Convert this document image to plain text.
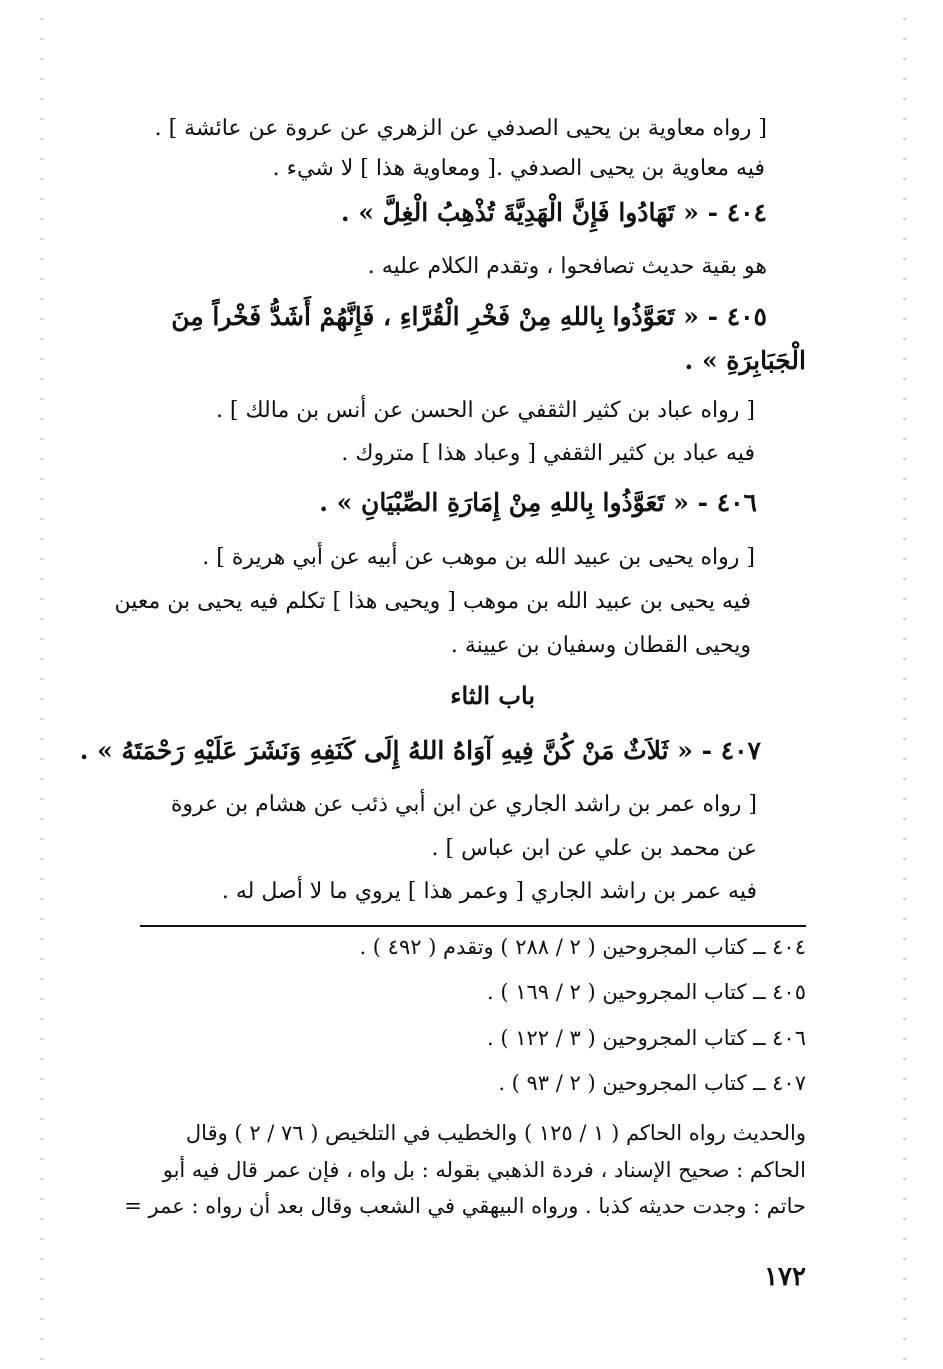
[ رواه معاوية بن يحيى الصدفي عن الزهري عن عروة عن عائشة ] .
فيه معاوية بن يحيى الصدفي .[ ومعاوية هذا ] لا شيء .
٤٠٤ - « تَهَادُوا فَإِنَّ الْهَدِيَّةَ تُذْهِبُ الْغِلَّ » .
هو بقية حديث تصافحوا ، وتقدم الكلام عليه .
٤٠٥ - « تَعَوَّذُوا بِاللهِ مِنْ فَخْرِ الْقُرَّاءِ ، فَإِنَّهُمْ أَشَدُّ فَخْراً مِنَ
الْجَبَابِرَةِ » .
[ رواه عباد بن كثير الثقفي عن الحسن عن أنس بن مالك ] .
فيه عباد بن كثير الثقفي [ وعباد هذا ] متروك .
٤٠٦ - « تَعَوَّذُوا بِاللهِ مِنْ إِمَارَةِ الصِّبْيَانِ » .
[ رواه يحيى بن عبيد الله بن موهب عن أبيه عن أبي هريرة ] .
فيه يحيى بن عبيد الله بن موهب [ ويحيى هذا ] تكلم فيه يحيى بن معين
ويحيى القطان وسفيان بن عيينة .
باب الثاء
٤٠٧ - « ثَلاَثٌ مَنْ كُنَّ فِيهِ آوَاهُ اللهُ إِلَى كَنَفِهِ وَنَشَرَ عَلَيْهِ رَحْمَتَهُ » .
[ رواه عمر بن راشد الجاري عن ابن أبي ذئب عن هشام بن عروة
عن محمد بن علي عن ابن عباس ] .
فيه عمر بن راشد الجاري [ وعمر هذا ] يروي ما لا أصل له .
٤٠٤ ــ كتاب المجروحين ( ٢ / ٢٨٨ ) وتقدم ( ٤٩٢ ) .
٤٠٥ ــ كتاب المجروحين ( ٢ / ١٦٩ ) .
٤٠٦ ــ كتاب المجروحين ( ٣ / ١٢٢ ) .
٤٠٧ ــ كتاب المجروحين ( ٢ / ٩٣ ) .
والحديث رواه الحاكم ( ١ / ١٢٥ ) والخطيب في التلخيص ( ٧٦ / ٢ ) وقال
الحاكم : صحيح الإسناد ، فردة الذهبي بقوله : بل واه ، فإن عمر قال فيه أبو
حاتم : وجدت حديثه كذبا . ورواه البيهقي في الشعب وقال بعد أن رواه : عمر =
١٧٢
